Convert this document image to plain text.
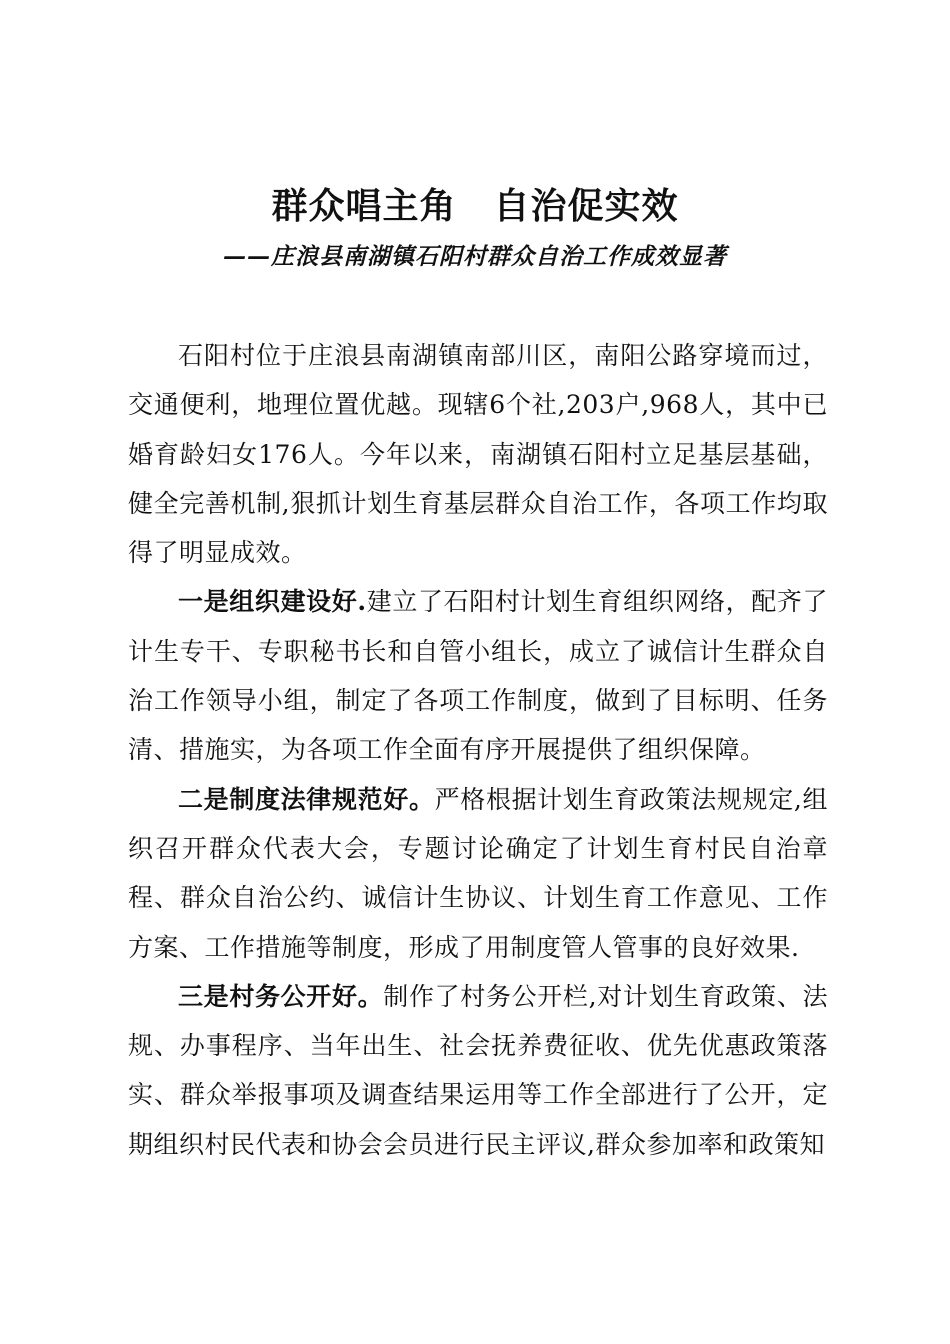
群众唱主角　自治促实效
——庄浪县南湖镇石阳村群众自治工作成效显著

石阳村位于庄浪县南湖镇南部川区，南阳公路穿境而过，交通便利，地理位置优越。现辖6个社,203户,968人，其中已婚育龄妇女176人。今年以来，南湖镇石阳村立足基层基础，健全完善机制,狠抓计划生育基层群众自治工作，各项工作均取得了明显成效。

一是组织建设好.建立了石阳村计划生育组织网络，配齐了计生专干、专职秘书长和自管小组长，成立了诚信计生群众自治工作领导小组，制定了各项工作制度，做到了目标明、任务清、措施实，为各项工作全面有序开展提供了组织保障。

二是制度法律规范好。严格根据计划生育政策法规规定,组织召开群众代表大会，专题讨论确定了计划生育村民自治章程、群众自治公约、诚信计生协议、计划生育工作意见、工作方案、工作措施等制度，形成了用制度管人管事的良好效果.

三是村务公开好。制作了村务公开栏,对计划生育政策、法规、办事程序、当年出生、社会抚养费征收、优先优惠政策落实、群众举报事项及调查结果运用等工作全部进行了公开，定期组织村民代表和协会会员进行民主评议,群众参加率和政策知
